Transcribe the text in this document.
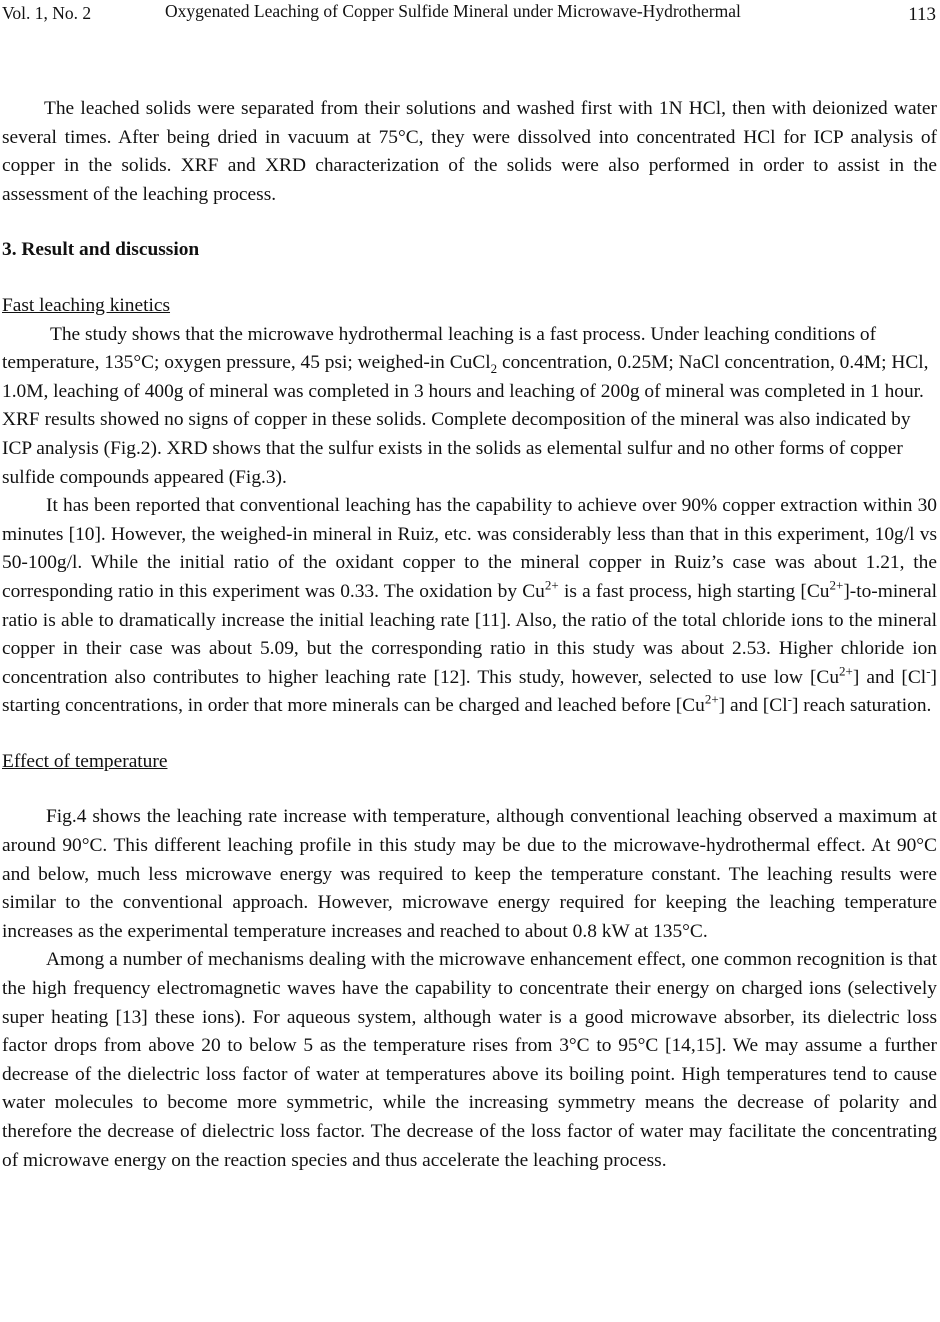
Vol. 1, No. 2	Oxygenated Leaching of Copper Sulfide Mineral under Microwave-Hydrothermal	113

The leached solids were separated from their solutions and washed first with 1N HCl, then with deionized water several times. After being dried in vacuum at 75°C, they were dissolved into concentrated HCl for ICP analysis of copper in the solids. XRF and XRD characterization of the solids were also performed in order to assist in the assessment of the leaching process.

3. Result and discussion

Fast leaching kinetics

The study shows that the microwave hydrothermal leaching is a fast process. Under leaching conditions of temperature, 135°C; oxygen pressure, 45 psi; weighed-in CuCl$_2$ concentration, 0.25M; NaCl concentration, 0.4M; HCl, 1.0M, leaching of 400g of mineral was completed in 3 hours and leaching of 200g of mineral was completed in 1 hour. XRF results showed no signs of copper in these solids. Complete decomposition of the mineral was also indicated by ICP analysis (Fig.2). XRD shows that the sulfur exists in the solids as elemental sulfur and no other forms of copper sulfide compounds appeared (Fig.3).

It has been reported that conventional leaching has the capability to achieve over 90% copper extraction within 30 minutes [10]. However, the weighed-in mineral in Ruiz, etc. was considerably less than that in this experiment, 10g/l vs 50-100g/l. While the initial ratio of the oxidant copper to the mineral copper in Ruiz’s case was about 1.21, the corresponding ratio in this experiment was 0.33. The oxidation by $Cu^{2+}$ is a fast process, high starting $[Cu^{2+}]-to$-mineral ratio is able to dramatically increase the initial leaching rate [11]. Also, the ratio of the total chloride ions to the mineral copper in their case was about 5.09, but the corresponding ratio in this study was about 2.53. Higher chloride ion concentration also contributes to higher leaching rate [12]. This study, however, selected to use low $[Cu^{2+}]$ and [Cl-] starting concentrations, in order that more minerals can be charged and leached before $[Cu^{2+}]$ and [Cl-] reach saturation.

Effect of temperature

Fig.4 shows the leaching rate increase with temperature, although conventional leaching observed a maximum at around 90°C. This different leaching profile in this study may be due to the microwave-hydrothermal effect. At 90°C and below, much less microwave energy was required to keep the temperature constant. The leaching results were similar to the conventional approach. However, microwave energy required for keeping the leaching temperature increases as the experimental temperature increases and reached to about 0.8 kW at 135°C.

Among a number of mechanisms dealing with the microwave enhancement effect, one common recognition is that the high frequency electromagnetic waves have the capability to concentrate their energy on charged ions (selectively super heating [13] these ions). For aqueous system, although water is a good microwave absorber, its dielectric loss factor drops from above 20 to below 5 as the temperature rises from 3°C to 95°C [14,15]. We may assume a further decrease of the dielectric loss factor of water at temperatures above its boiling point. High temperatures tend to cause water molecules to become more symmetric, while the increasing symmetry means the decrease of polarity and therefore the decrease of dielectric loss factor. The decrease of the loss factor of water may facilitate the concentrating of microwave energy on the reaction species and thus accelerate the leaching process.
